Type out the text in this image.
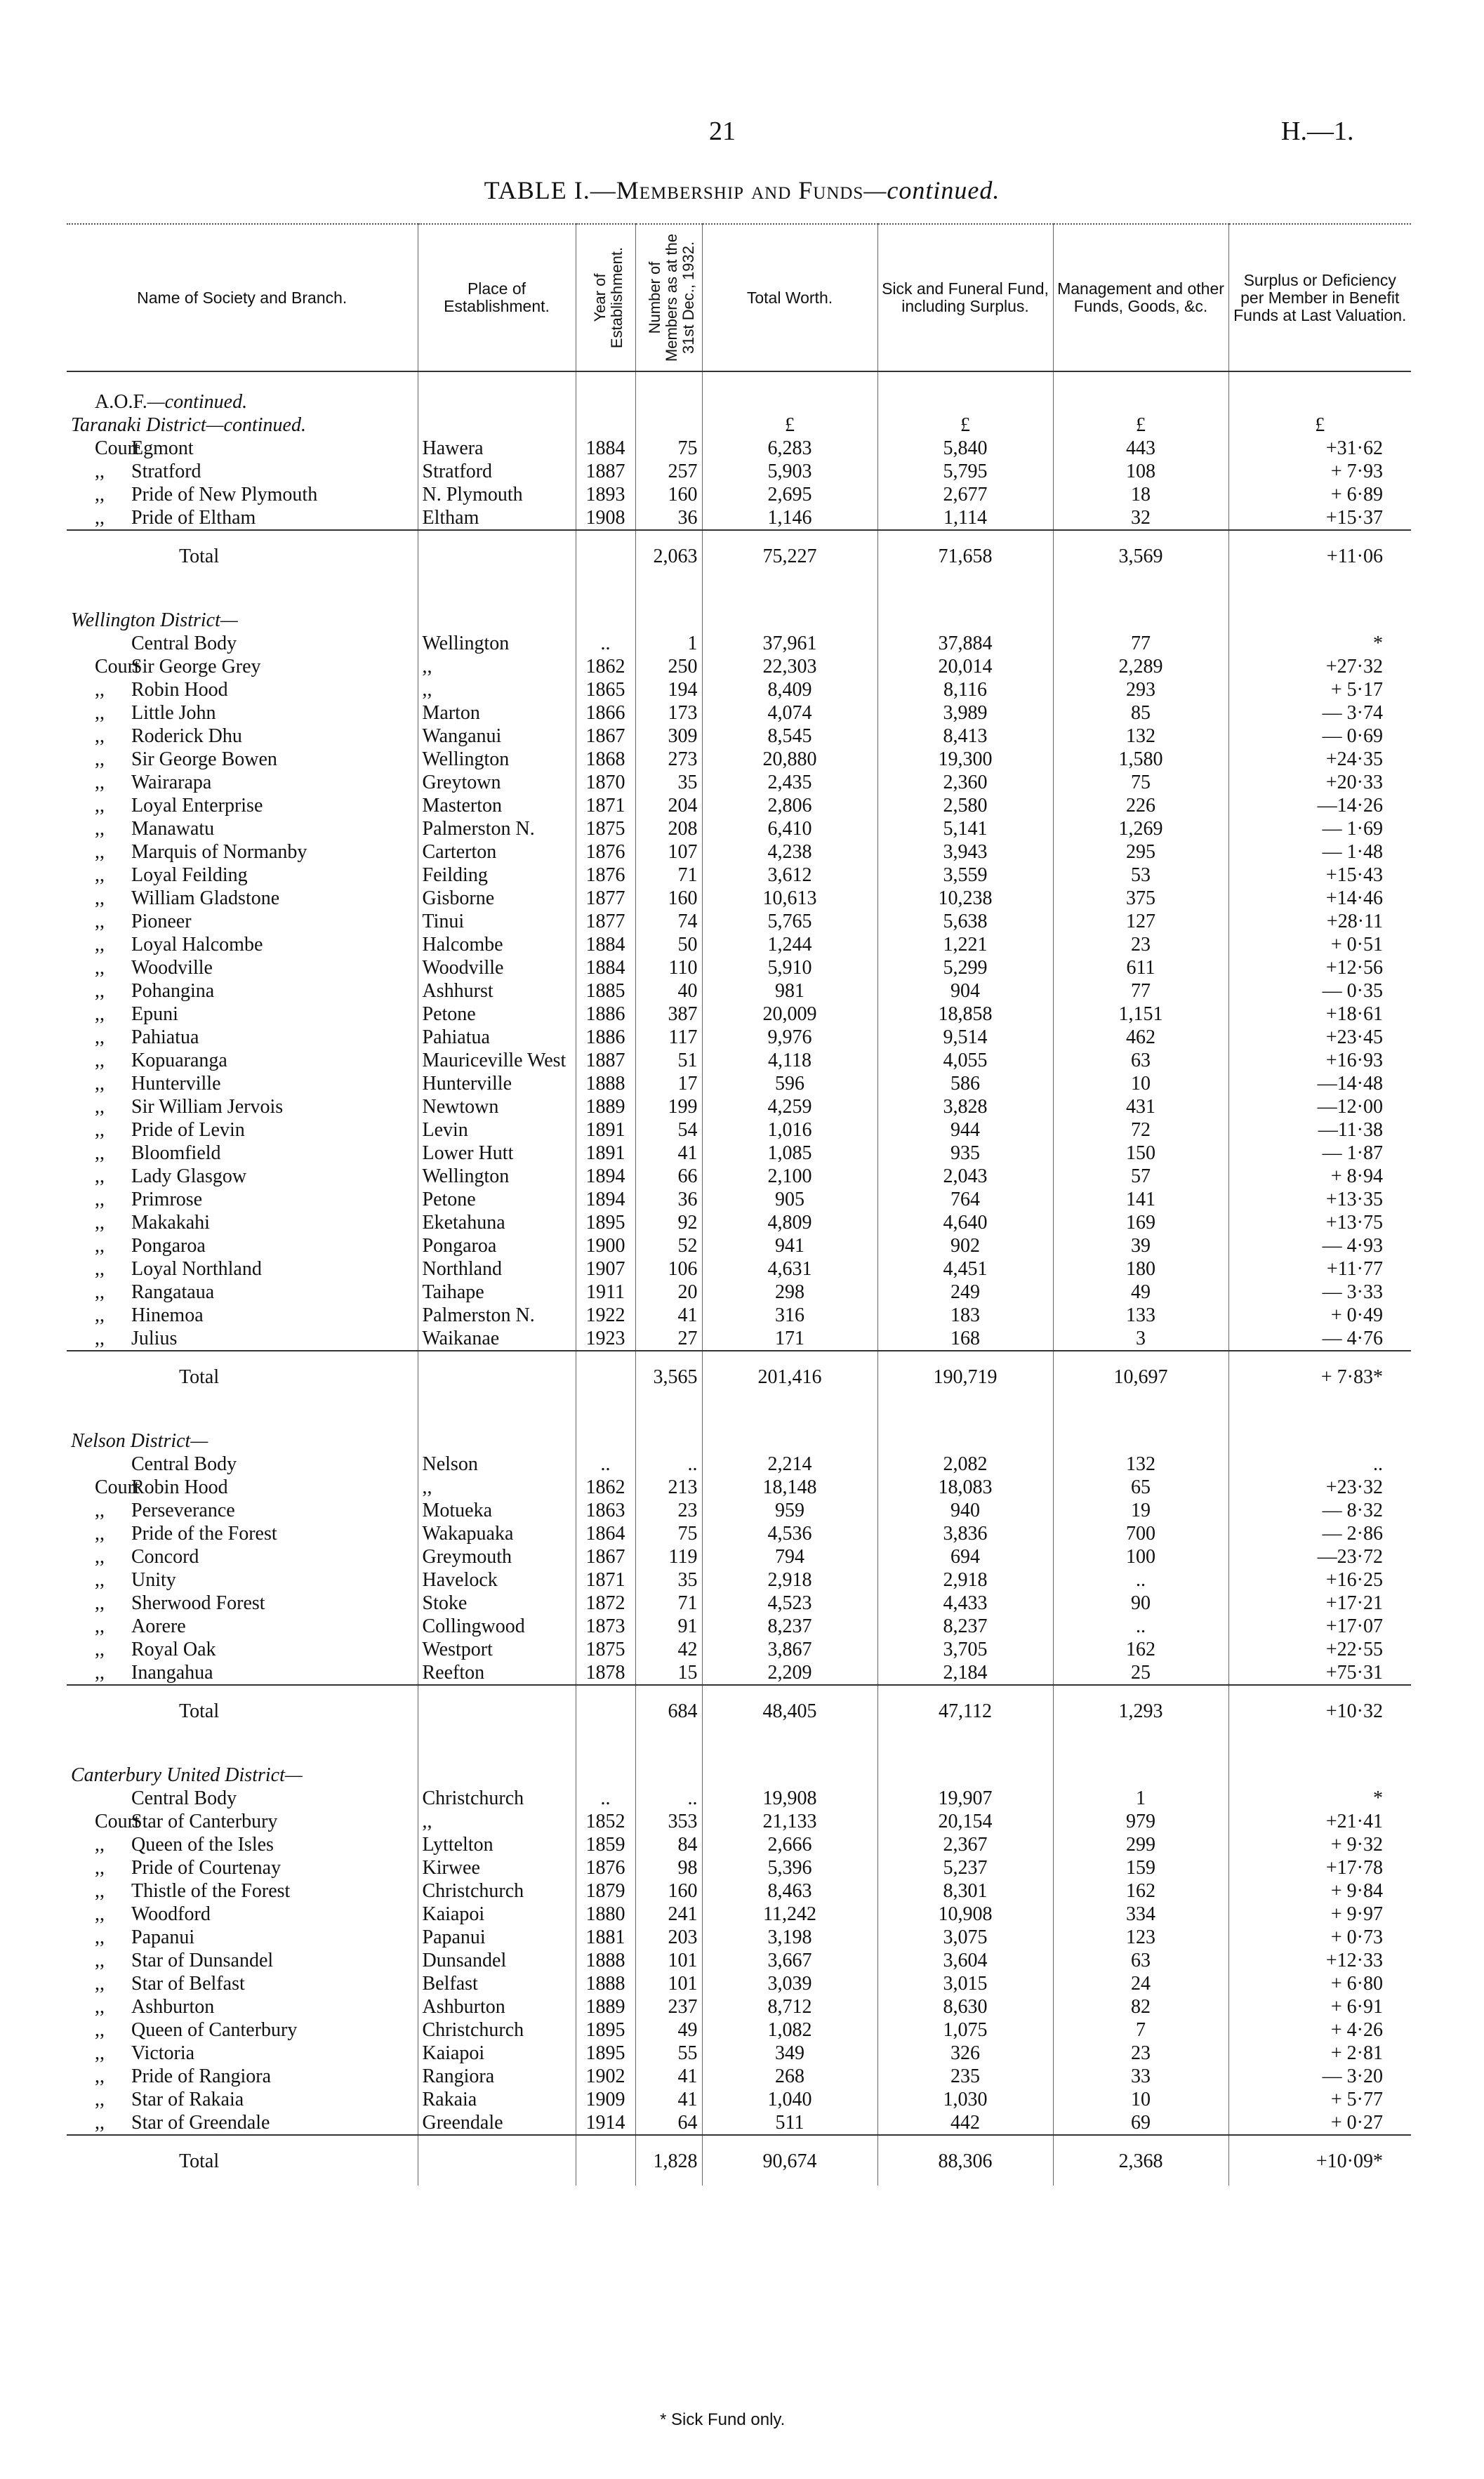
21	H.—1.
TABLE I.—Membership and Funds—continued.
Name of Society and Branch.	Place of Establishment.	Year of Establishment.	Number of Members as at the 31st Dec., 1932.	Total Worth.	Sick and Funeral Fund, including Surplus.	Management and other Funds, Goods, &c.	Surplus or Deficiency per Member in Benefit Funds at Last Valuation.
A.O.F.—continued.							
Taranaki District—continued.				£	£	£	£
CourtEgmont	Hawera	1884	75	6,283	5,840	443	+31·62
,, Stratford	Stratford	1887	257	5,903	5,795	108	+ 7·93
,, Pride of New Plymouth	N. Plymouth	1893	160	2,695	2,677	18	+ 6·89
,, Pride of Eltham	Eltham	1908	36	1,146	1,114	32	+15·37
Total			2,063	75,227	71,658	3,569	+11·06
Wellington District—							
Central Body	Wellington	..	1	37,961	37,884	77	*
CourtSir George Grey	,,	1862	250	22,303	20,014	2,289	+27·32
,, Robin Hood	,,	1865	194	8,409	8,116	293	+ 5·17
,, Little John	Marton	1866	173	4,074	3,989	85	— 3·74
,, Roderick Dhu	Wanganui	1867	309	8,545	8,413	132	— 0·69
,, Sir George Bowen	Wellington	1868	273	20,880	19,300	1,580	+24·35
,, Wairarapa	Greytown	1870	35	2,435	2,360	75	+20·33
,, Loyal Enterprise	Masterton	1871	204	2,806	2,580	226	—14·26
,, Manawatu	Palmerston N.	1875	208	6,410	5,141	1,269	— 1·69
,, Marquis of Normanby	Carterton	1876	107	4,238	3,943	295	— 1·48
,, Loyal Feilding	Feilding	1876	71	3,612	3,559	53	+15·43
,, William Gladstone	Gisborne	1877	160	10,613	10,238	375	+14·46
,, Pioneer	Tinui	1877	74	5,765	5,638	127	+28·11
,, Loyal Halcombe	Halcombe	1884	50	1,244	1,221	23	+ 0·51
,, Woodville	Woodville	1884	110	5,910	5,299	611	+12·56
,, Pohangina	Ashhurst	1885	40	981	904	77	— 0·35
,, Epuni	Petone	1886	387	20,009	18,858	1,151	+18·61
,, Pahiatua	Pahiatua	1886	117	9,976	9,514	462	+23·45
,, Kopuaranga	Mauriceville West	1887	51	4,118	4,055	63	+16·93
,, Hunterville	Hunterville	1888	17	596	586	10	—14·48
,, Sir William Jervois	Newtown	1889	199	4,259	3,828	431	—12·00
,, Pride of Levin	Levin	1891	54	1,016	944	72	—11·38
,, Bloomfield	Lower Hutt	1891	41	1,085	935	150	— 1·87
,, Lady Glasgow	Wellington	1894	66	2,100	2,043	57	+ 8·94
,, Primrose	Petone	1894	36	905	764	141	+13·35
,, Makakahi	Eketahuna	1895	92	4,809	4,640	169	+13·75
,, Pongaroa	Pongaroa	1900	52	941	902	39	— 4·93
,, Loyal Northland	Northland	1907	106	4,631	4,451	180	+11·77
,, Rangataua	Taihape	1911	20	298	249	49	— 3·33
,, Hinemoa	Palmerston N.	1922	41	316	183	133	+ 0·49
,, Julius	Waikanae	1923	27	171	168	3	— 4·76
Total			3,565	201,416	190,719	10,697	+ 7·83*
Nelson District—							
Central Body	Nelson	..	..	2,214	2,082	132	..
CourtRobin Hood	,,	1862	213	18,148	18,083	65	+23·32
,, Perseverance	Motueka	1863	23	959	940	19	— 8·32
,, Pride of the Forest	Wakapuaka	1864	75	4,536	3,836	700	— 2·86
,, Concord	Greymouth	1867	119	794	694	100	—23·72
,, Unity	Havelock	1871	35	2,918	2,918	..	+16·25
,, Sherwood Forest	Stoke	1872	71	4,523	4,433	90	+17·21
,, Aorere	Collingwood	1873	91	8,237	8,237	..	+17·07
,, Royal Oak	Westport	1875	42	3,867	3,705	162	+22·55
,, Inangahua	Reefton	1878	15	2,209	2,184	25	+75·31
Total			684	48,405	47,112	1,293	+10·32
Canterbury United District—							
Central Body	Christchurch	..	..	19,908	19,907	1	*
CourtStar of Canterbury	,,	1852	353	21,133	20,154	979	+21·41
,, Queen of the Isles	Lyttelton	1859	84	2,666	2,367	299	+ 9·32
,, Pride of Courtenay	Kirwee	1876	98	5,396	5,237	159	+17·78
,, Thistle of the Forest	Christchurch	1879	160	8,463	8,301	162	+ 9·84
,, Woodford	Kaiapoi	1880	241	11,242	10,908	334	+ 9·97
,, Papanui	Papanui	1881	203	3,198	3,075	123	+ 0·73
,, Star of Dunsandel	Dunsandel	1888	101	3,667	3,604	63	+12·33
,, Star of Belfast	Belfast	1888	101	3,039	3,015	24	+ 6·80
,, Ashburton	Ashburton	1889	237	8,712	8,630	82	+ 6·91
,, Queen of Canterbury	Christchurch	1895	49	1,082	1,075	7	+ 4·26
,, Victoria	Kaiapoi	1895	55	349	326	23	+ 2·81
,, Pride of Rangiora	Rangiora	1902	41	268	235	33	— 3·20
,, Star of Rakaia	Rakaia	1909	41	1,040	1,030	10	+ 5·77
,, Star of Greendale	Greendale	1914	64	511	442	69	+ 0·27
Total			1,828	90,674	88,306	2,368	+10·09*
* Sick Fund only.
